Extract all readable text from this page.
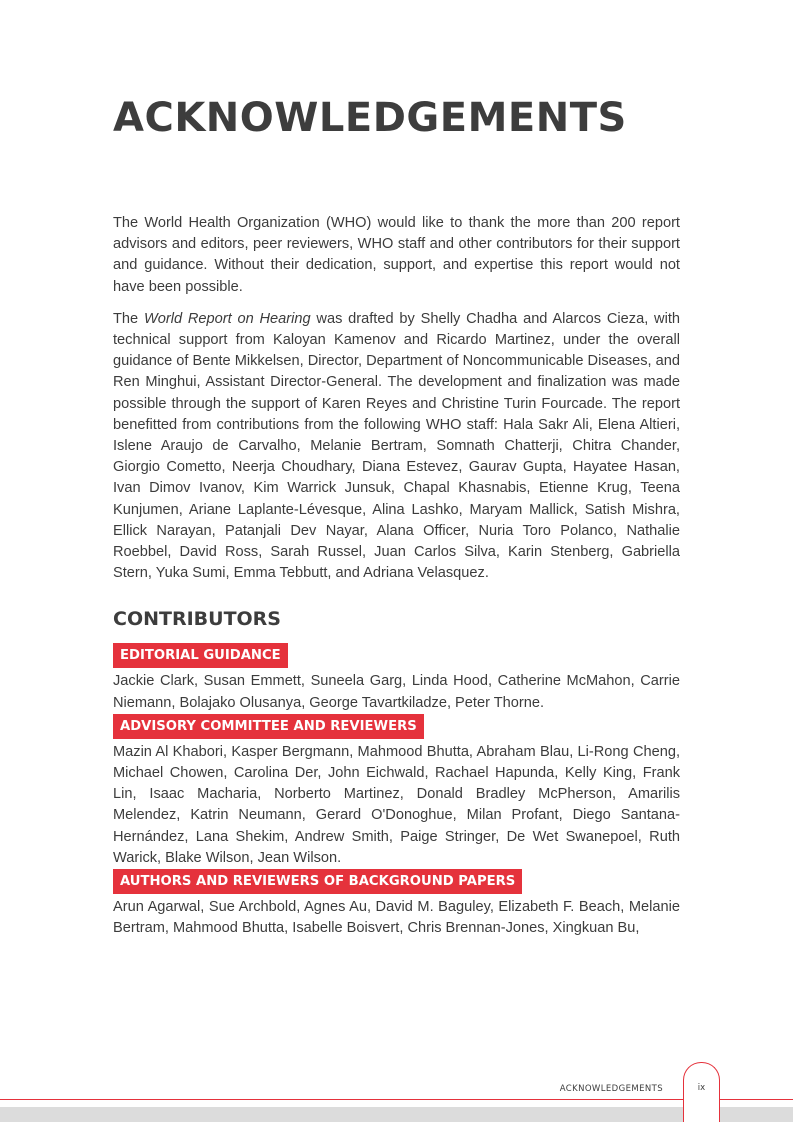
ACKNOWLEDGEMENTS

The World Health Organization (WHO) would like to thank the more than 200 report advisors and editors, peer reviewers, WHO staff and other contributors for their support and guidance. Without their dedication, support, and expertise this report would not have been possible.

The World Report on Hearing was drafted by Shelly Chadha and Alarcos Cieza, with technical support from Kaloyan Kamenov and Ricardo Martinez, under the overall guidance of Bente Mikkelsen, Director, Department of Noncommunicable Diseases, and Ren Minghui, Assistant Director-General. The development and finalization was made possible through the support of Karen Reyes and Christine Turin Fourcade. The report benefitted from contributions from the following WHO staff: Hala Sakr Ali, Elena Altieri, Islene Araujo de Carvalho, Melanie Bertram, Somnath Chatterji, Chitra Chander, Giorgio Cometto, Neerja Choudhary, Diana Estevez, Gaurav Gupta, Hayatee Hasan, Ivan Dimov Ivanov, Kim Warrick Junsuk, Chapal Khasnabis, Etienne Krug, Teena Kunjumen, Ariane Laplante-Lévesque, Alina Lashko, Maryam Mallick, Satish Mishra, Ellick Narayan, Patanjali Dev Nayar, Alana Officer, Nuria Toro Polanco, Nathalie Roebbel, David Ross, Sarah Russel, Juan Carlos Silva, Karin Stenberg, Gabriella Stern, Yuka Sumi, Emma Tebbutt, and Adriana Velasquez.

CONTRIBUTORS
EDITORIAL GUIDANCE

Jackie Clark, Susan Emmett, Suneela Garg, Linda Hood, Catherine McMahon, Carrie Niemann, Bolajako Olusanya, George Tavartkiladze, Peter Thorne.

ADVISORY COMMITTEE AND REVIEWERS

Mazin Al Khabori, Kasper Bergmann, Mahmood Bhutta, Abraham Blau, Li-Rong Cheng, Michael Chowen, Carolina Der, John Eichwald, Rachael Hapunda, Kelly King, Frank Lin, Isaac Macharia, Norberto Martinez, Donald Bradley McPherson, Amarilis Melendez, Katrin Neumann, Gerard O'Donoghue, Milan Profant, Diego Santana-Hernández, Lana Shekim, Andrew Smith, Paige Stringer, De Wet Swanepoel, Ruth Warick, Blake Wilson, Jean Wilson.

AUTHORS AND REVIEWERS OF BACKGROUND PAPERS

Arun Agarwal, Sue Archbold, Agnes Au, David M. Baguley, Elizabeth F. Beach, Melanie Bertram, Mahmood Bhutta, Isabelle Boisvert, Chris Brennan-Jones, Xingkuan Bu,

ACKNOWLEDGEMENTS	ix
